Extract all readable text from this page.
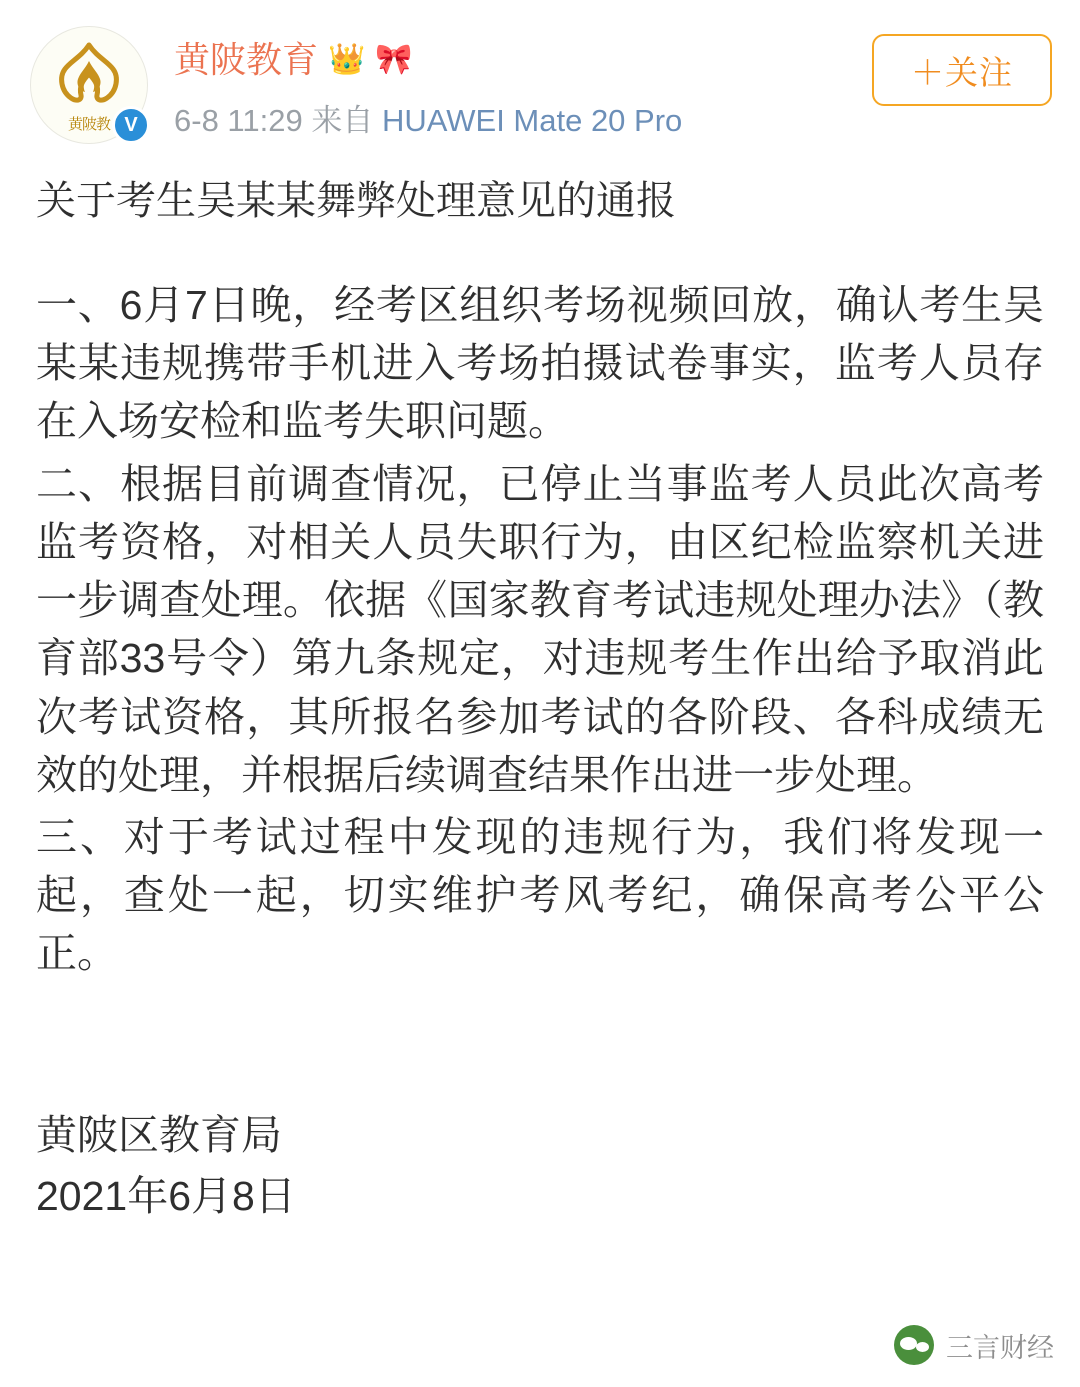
黄陂教 V
黄陂教育 👑 🎀
6-8 11:29 来自 HUAWEI Mate 20 Pro
＋关注
关于考生吴某某舞弊处理意见的通报

一、6月7日晚，经考区组织考场视频回放，确认考生吴某某违规携带手机进入考场拍摄试卷事实，监考人员存在入场安检和监考失职问题。

二、根据目前调查情况，已停止当事监考人员此次高考监考资格，对相关人员失职行为，由区纪检监察机关进一步调查处理。依据《国家教育考试违规处理办法》（教育部33号令）第九条规定，对违规考生作出给予取消此次考试资格，其所报名参加考试的各阶段、各科成绩无效的处理，并根据后续调查结果作出进一步处理。

三、对于考试过程中发现的违规行为，我们将发现一起，查处一起，切实维护考风考纪，确保高考公平公正。

黄陂区教育局

2021年6月8日

三言财经
